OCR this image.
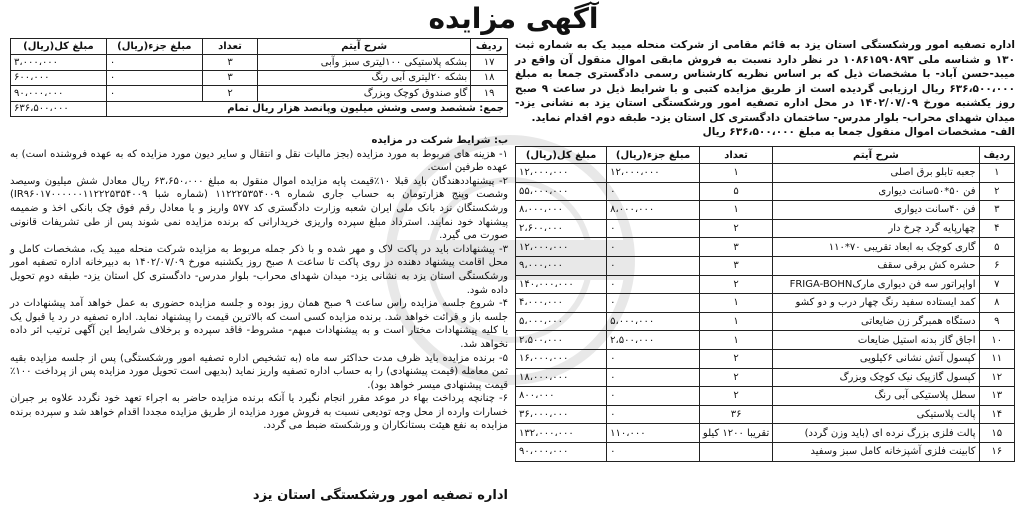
آگهی مزایده
اداره تصفیه امور ورشکستگی استان یزد به قائم مقامی از شرکت منحله میبد یک به شماره ثبت ۱۳۰ و شناسه ملی ۱۰۸۶۱۵۹۰۸۹۳ در نظر دارد نسبت به فروش مابقی اموال منقول آن واقع در میبد-حسن آباد- با مشخصات ذیل که بر اساس نظریه کارشناس رسمی دادگستری جمعا به مبلغ ۶۳۶،۵۰۰،۰۰۰ ریال ارزیابی گردیده است از طریق مزایده کتبی و با شرایط ذیل در ساعت ۹ صبح روز یکشنبه مورخ ۱۴۰۲/۰۷/۰۹ در محل اداره تصفیه امور ورشکستگی استان یزد به نشانی یزد- میدان شهدای محراب- بلوار مدرس- ساختمان دادگستری کل استان یزد- طبقه دوم اقدام نماید.
الف- مشخصات اموال منقول جمعا به مبلغ ۶۳۶،۵۰۰،۰۰۰ ریال
ردیف	شرح آیتم	تعداد	مبلغ جزء(ریال)	مبلغ کل(ریال)
۱	جعبه تابلو برق اصلی	۱	۱۲،۰۰۰،۰۰۰	۱۲،۰۰۰،۰۰۰
۲	فن ۵۰*۵۰سانت دیواری	۵	۰	۵۵،۰۰۰،۰۰۰
۳	فن ۴۰سانت دیواری	۱	۸،۰۰۰،۰۰۰	۸،۰۰۰،۰۰۰
۴	چهارپایه گرد چرخ دار	۲	۰	۲،۶۰۰،۰۰۰
۵	گاری کوچک به ابعاد تقریبی ۷۰*۱۱۰	۳	۰	۱۲،۰۰۰،۰۰۰
۶	حشره کش برقی سقف	۳	۰	۹،۰۰۰،۰۰۰
۷	اواپراتور سه فن دیواری مارکFRIGA-BOHN	۲	۰	۱۴۰،۰۰۰،۰۰۰
۸	کمد ایستاده سفید رنگ چهار درب و دو کشو	۱	۰	۴،۰۰۰،۰۰۰
۹	دستگاه همبرگر زن ضایعاتی	۱	۵،۰۰۰،۰۰۰	۵،۰۰۰،۰۰۰
۱۰	اجاق گاز بدنه استیل ضایعات	۱	۲،۵۰۰،۰۰۰	۲،۵۰۰،۰۰۰
۱۱	کپسول آتش نشانی ۶کیلویی	۲	۰	۱۶،۰۰۰،۰۰۰
۱۲	کپسول گازپیک نیک کوچک وبزرگ	۲	۰	۱۸،۰۰۰،۰۰۰
۱۳	سطل پلاستیکی آبی رنگ	۲	۰	۸۰۰،۰۰۰
۱۴	پالت پلاستیکی	۳۶	۰	۳۶،۰۰۰،۰۰۰
۱۵	پالت فلزی بزرگ نرده ای (باید وزن گردد)	تقریبا ۱۲۰۰ کیلو	۱۱۰،۰۰۰	۱۳۲،۰۰۰،۰۰۰
۱۶	کابینت فلزی آشپزخانه کامل سبز وسفید		۰	۹۰،۰۰۰،۰۰۰
ردیف	شرح آیتم	تعداد	مبلغ جزء(ریال)	مبلغ کل(ریال)
۱۷	بشکه پلاستیکی ۱۰۰لیتری سبز وآبی	۳	۰	۳،۰۰۰،۰۰۰
۱۸	بشکه ۲۰لیتری آبی رنگ	۳	۰	۶۰۰،۰۰۰
۱۹	گاو صندوق کوچک وبزرگ	۲	۰	۹۰،۰۰۰،۰۰۰
جمع: ششصد وسی وشش میلیون وپانصد هزار ریال تمام				۶۳۶،۵۰۰،۰۰۰
ب: شرایط شرکت در مزایده
۱- هزینه های مربوط به مورد مزایده (بجز مالیات نقل و انتقال و سایر دیون مورد مزایده که به عهده فروشنده است) به عهده طرفین است.
۲- پیشنهاددهندگان باید قبلا ۱۰٪قیمت پایه مزایده اموال منقول به مبلغ ۶۳،۶۵۰،۰۰۰ ریال معادل شش میلیون وسیصد وشصت وپنج هزارتومان به حساب جاری شماره ۱۱۲۲۲۵۳۵۴۰۰۹ (شماره شبا IR۹۶۰۱۷۰۰۰۰۰۰۱۱۲۲۲۵۳۵۴۰۰۹) ورشکستگان نزد بانک ملی ایران شعبه وزارت دادگستری کد ۵۷۷ واریز و یا معادل رقم فوق چک بانکی اخذ و ضمیمه پیشنهاد خود نمایند. استرداد مبلغ سپرده واریزی خریدارانی که برنده مزایده نمی شوند پس از طی تشریفات قانونی صورت می گیرد.
۳- پیشنهادات باید در پاکت لاک و مهر شده و با ذکر جمله مربوط به مزایده شرکت منحله میبد یک، مشخصات کامل و محل اقامت پیشنهاد دهنده در روی پاکت تا ساعت ۸ صبح روز یکشنبه مورخ ۱۴۰۲/۰۷/۰۹ به دبیرخانه اداره تصفیه امور ورشکستگی استان یزد به نشانی یزد- میدان شهدای محراب- بلوار مدرس- دادگستری کل استان یزد- طبقه دوم تحویل داده شود.
۴- شروع جلسه مزایده راس ساعت ۹ صبح همان روز بوده و جلسه مزایده حضوری به عمل خواهد آمد پیشنهادات در جلسه باز و قرائت خواهد شد. برنده مزایده کسی است که بالاترین قیمت را پیشنهاد نماید. اداره تصفیه در رد یا قبول یک یا کلیه پیشنهادات مختار است و به پیشنهادات مبهم- مشروط- فاقد سپرده و برخلاف شرایط این آگهی ترتیب اثر داده نخواهد شد.
۵- برنده مزایده باید ظرف مدت حداکثر سه ماه (به تشخیص اداره تصفیه امور ورشکستگی) پس از جلسه مزایده بقیه ثمن معامله (قیمت پیشنهادی) را به حساب اداره تصفیه واریز نماید (بدیهی است تحویل مورد مزایده پس از پرداخت ۱۰۰٪ قیمت پیشنهادی میسر خواهد بود).
۶- چنانچه پرداخت بهاء در موعد مقرر انجام نگیرد یا آنکه برنده مزایده حاضر به اجراء تعهد خود نگردد علاوه بر جبران خسارات وارده از محل وجه تودیعی نسبت به فروش مورد مزایده از طریق مزایده مجددا اقدام خواهد شد و سپرده برنده مزایده به نفع هیئت بستانکاران و ورشکسته ضبط می گردد.
اداره تصفیه امور ورشکستگی استان یزد
